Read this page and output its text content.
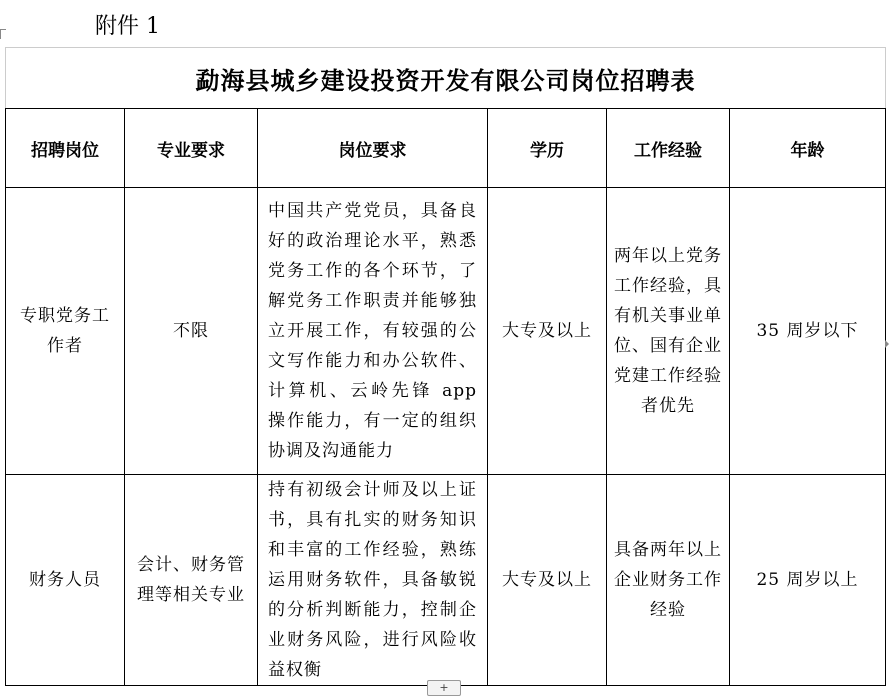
附件 1
勐海县城乡建设投资开发有限公司岗位招聘表					
招聘岗位	专业要求	岗位要求	学历	工作经验	年龄
专职党务工作者	不限	中国共产党党员，具备良好的政治理论水平，熟悉党务工作的各个环节，了解党务工作职责并能够独立开展工作，有较强的公文写作能力和办公软件、计算机、云岭先锋 app 操作能力，有一定的组织协调及沟通能力	大专及以上	两年以上党务工作经验，具有机关事业单位、国有企业党建工作经验者优先	35 周岁以下
财务人员	会计、财务管理等相关专业	持有初级会计师及以上证书，具有扎实的财务知识和丰富的工作经验，熟练运用财务软件，具备敏锐的分析判断能力，控制企业财务风险，进行风险收益权衡	大专及以上	具备两年以上企业财务工作经验	25 周岁以上
+
